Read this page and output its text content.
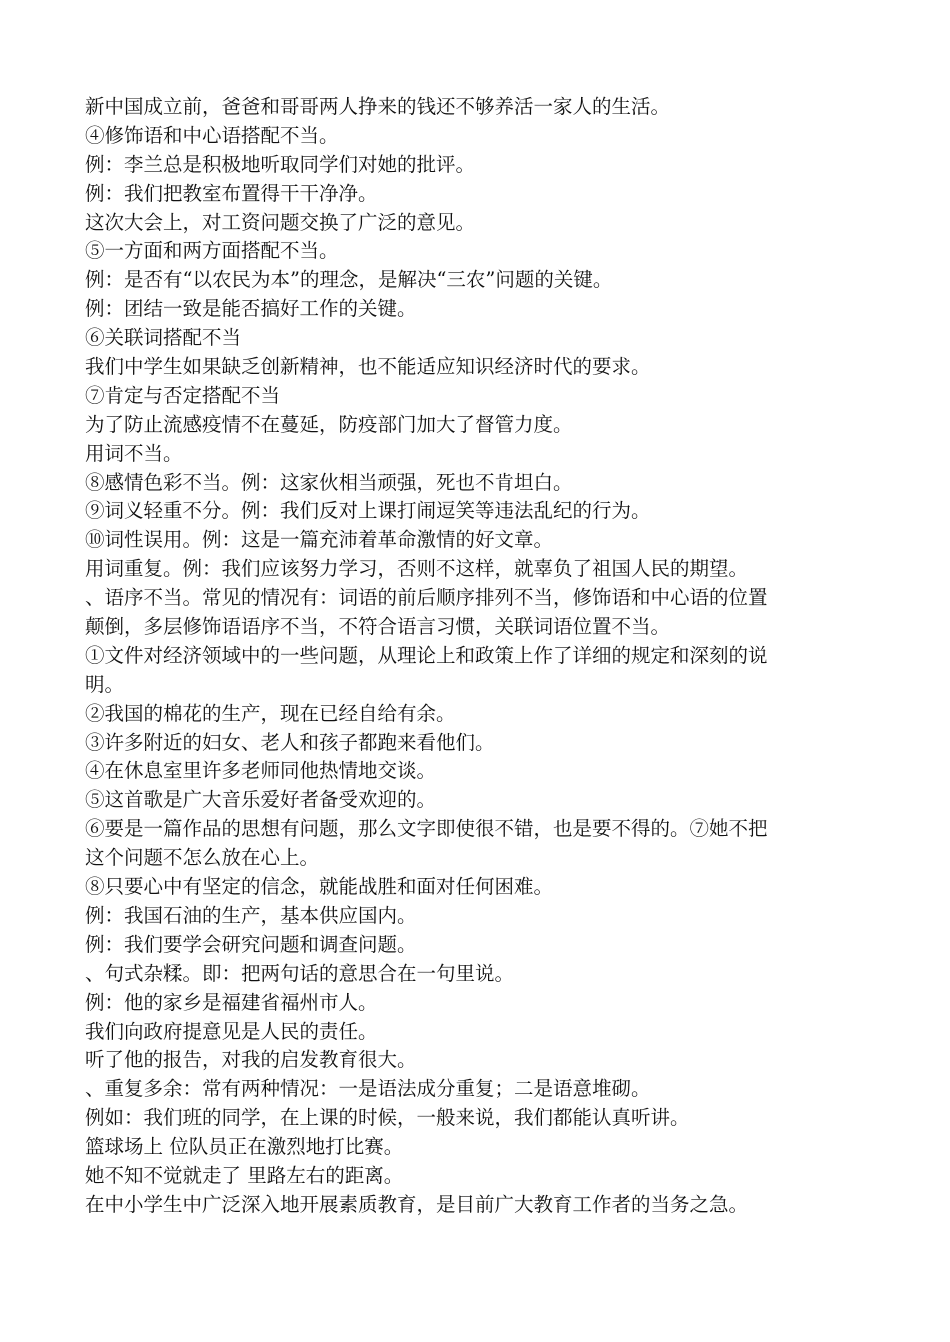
新中国成立前，爸爸和哥哥两人挣来的钱还不够养活一家人的生活。
④修饰语和中心语搭配不当。
例：李兰总是积极地听取同学们对她的批评。
例：我们把教室布置得干干净净。
这次大会上，对工资问题交换了广泛的意见。
⑤一方面和两方面搭配不当。
例：是否有“以农民为本”的理念，是解决“三农”问题的关键。
例：团结一致是能否搞好工作的关键。
⑥关联词搭配不当
我们中学生如果缺乏创新精神，也不能适应知识经济时代的要求。
⑦肯定与否定搭配不当
为了防止流感疫情不在蔓延，防疫部门加大了督管力度。
用词不当。
⑧感情色彩不当。例：这家伙相当顽强，死也不肯坦白。
⑨词义轻重不分。例：我们反对上课打闹逗笑等违法乱纪的行为。
⑩词性误用。例：这是一篇充沛着革命激情的好文章。
用词重复。例：我们应该努力学习，否则不这样，就辜负了祖国人民的期望。
、语序不当。常见的情况有：词语的前后顺序排列不当，修饰语和中心语的位置
颠倒，多层修饰语语序不当，不符合语言习惯，关联词语位置不当。
①文件对经济领域中的一些问题，从理论上和政策上作了详细的规定和深刻的说
明。
②我国的棉花的生产，现在已经自给有余。
③许多附近的妇女、老人和孩子都跑来看他们。
④在休息室里许多老师同他热情地交谈。
⑤这首歌是广大音乐爱好者备受欢迎的。
⑥要是一篇作品的思想有问题，那么文字即使很不错，也是要不得的。⑦她不把
这个问题不怎么放在心上。
⑧只要心中有坚定的信念，就能战胜和面对任何困难。
例：我国石油的生产，基本供应国内。
例：我们要学会研究问题和调查问题。
、句式杂糅。即：把两句话的意思合在一句里说。
例：他的家乡是福建省福州市人。
我们向政府提意见是人民的责任。
听了他的报告，对我的启发教育很大。
、重复多余：常有两种情况：一是语法成分重复；二是语意堆砌。
例如：我们班的同学，在上课的时候，一般来说，我们都能认真听讲。
篮球场上 位队员正在激烈地打比赛。
她不知不觉就走了 里路左右的距离。
在中小学生中广泛深入地开展素质教育，是目前广大教育工作者的当务之急。
